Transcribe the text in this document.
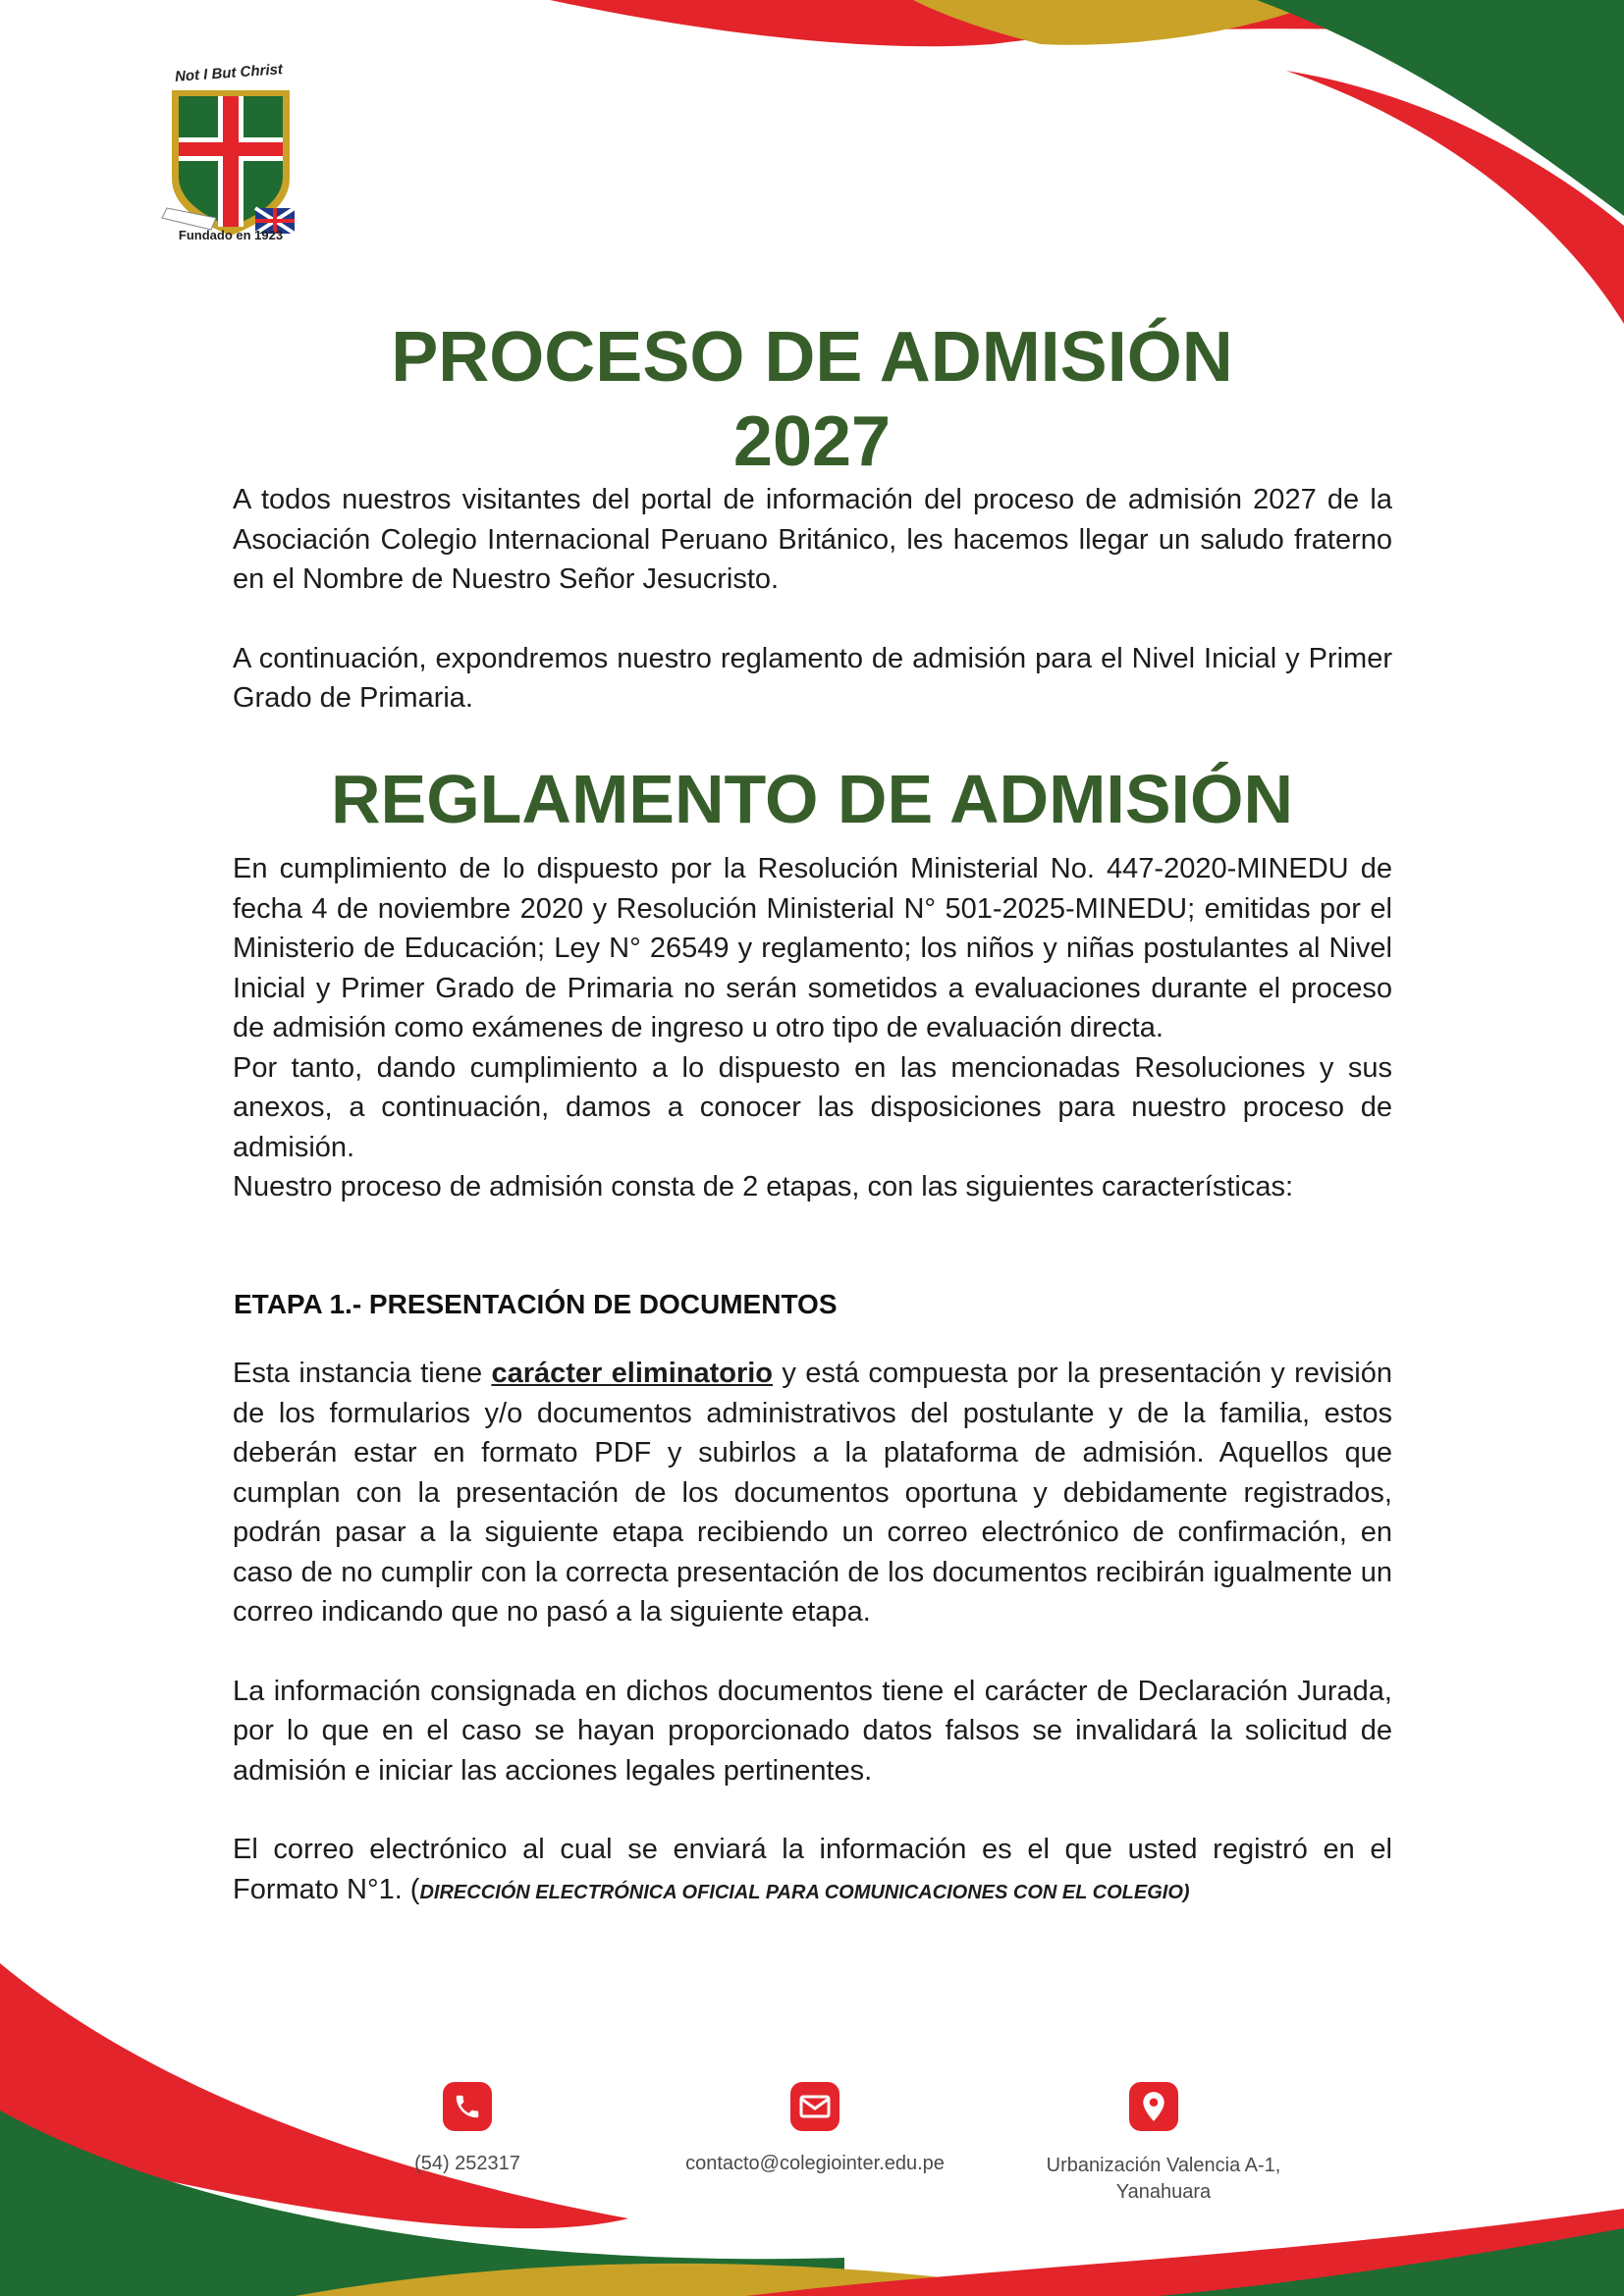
Not I But Christ
Fundado en 1923
PROCESO DE ADMISIÓN
2027

A todos nuestros visitantes del portal de información del proceso de admisión 2027 de la Asociación Colegio Internacional Peruano Británico, les hacemos llegar un saludo fraterno en el Nombre de Nuestro Señor Jesucristo.

A continuación, expondremos nuestro reglamento de admisión para el Nivel Inicial y Primer Grado de Primaria.

REGLAMENTO DE ADMISIÓN

En cumplimiento de lo dispuesto por la Resolución Ministerial No. 447-2020-MINEDU de fecha 4 de noviembre 2020 y Resolución Ministerial N° 501-2025-MINEDU; emitidas por el Ministerio de Educación; Ley N° 26549 y reglamento; los niños y niñas postulantes al Nivel Inicial y Primer Grado de Primaria no serán sometidos a evaluaciones durante el proceso de admisión como exámenes de ingreso u otro tipo de evaluación directa.

Por tanto, dando cumplimiento a lo dispuesto en las mencionadas Resoluciones y sus anexos, a continuación, damos a conocer las disposiciones para nuestro proceso de admisión.

Nuestro proceso de admisión consta de 2 etapas, con las siguientes características:

ETAPA 1.- PRESENTACIÓN DE DOCUMENTOS

Esta instancia tiene carácter eliminatorio y está compuesta por la presentación y revisión de los formularios y/o documentos administrativos del postulante y de la familia, estos deberán estar en formato PDF y subirlos a la plataforma de admisión. Aquellos que cumplan con la presentación de los documentos oportuna y debidamente registrados, podrán pasar a la siguiente etapa recibiendo un correo electrónico de confirmación, en caso de no cumplir con la correcta presentación de los documentos recibirán igualmente un correo indicando que no pasó a la siguiente etapa.

La información consignada en dichos documentos tiene el carácter de Declaración Jurada, por lo que en el caso se hayan proporcionado datos falsos se invalidará la solicitud de admisión e iniciar las acciones legales pertinentes.

El correo electrónico al cual se enviará la información es el que usted registró en el Formato N°1. (DIRECCIÓN ELECTRÓNICA OFICIAL PARA COMUNICACIONES CON EL COLEGIO)

(54) 252317	contacto@colegiointer.edu.pe	Urbanización Valencia A-1,
Yanahuara
